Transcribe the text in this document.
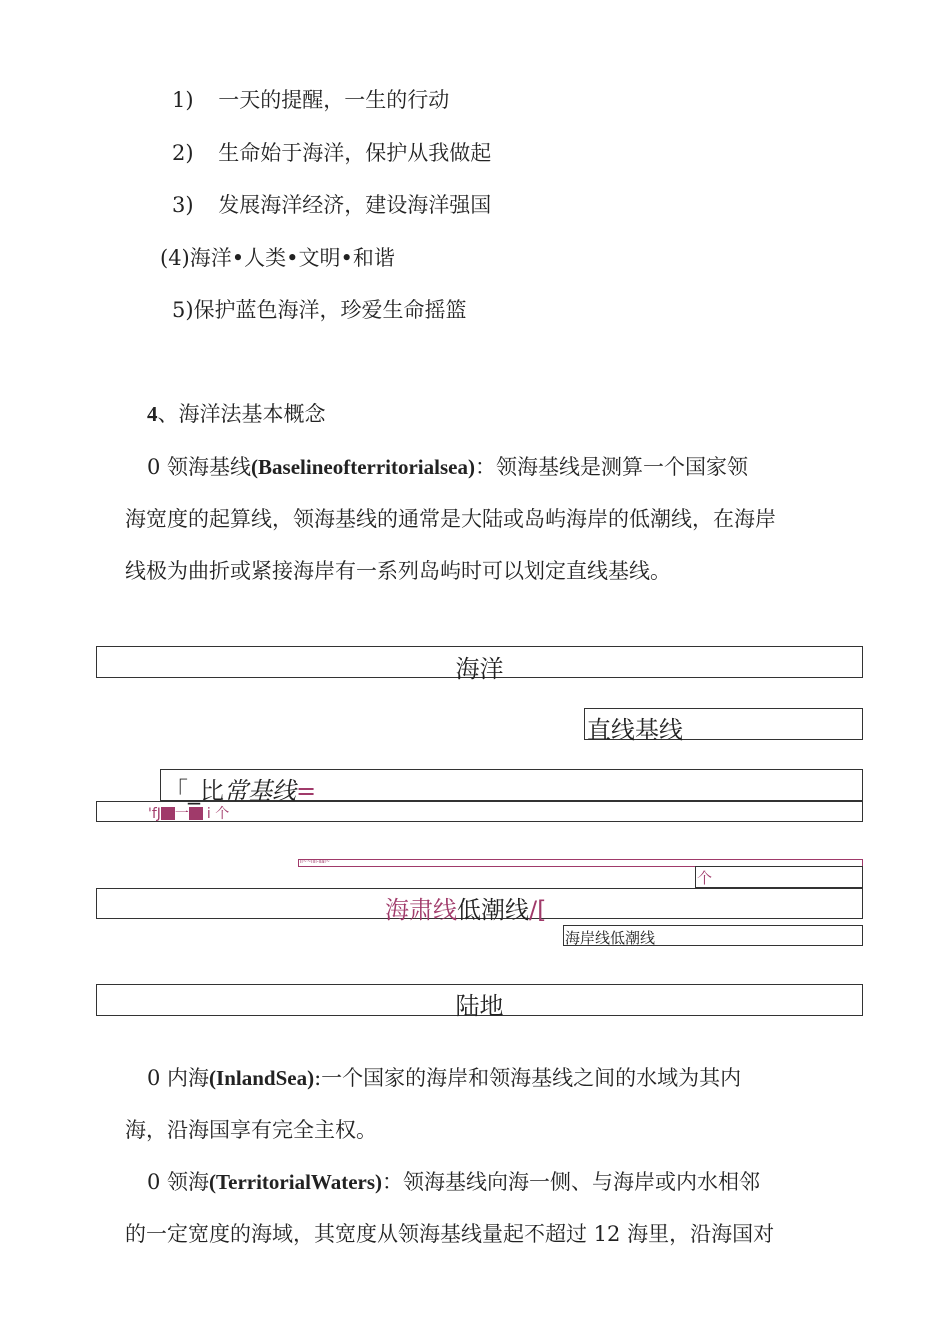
1) 一天的提醒，一生的行动
2) 生命始于海洋，保护从我做起
3) 发展海洋经济，建设海洋强国
(4)海洋•人类•文明•和谐
5)保护蓝色海洋，珍爱生命摇篮
4、海洋法基本概念
0 领海基线(Baselineofterritorialsea)：领海基线是测算一个国家领
海宽度的起算线，领海基线的通常是大陆或岛屿海岸的低潮线，在海岸
线极为曲折或紧接海岸有一系列岛屿时可以划定直线基线。
海洋
直线基线
「_比常基线=
'fJ 一 i 个
ll~~iiil-iiai~
个
海肃线低潮线/[
海岸线低潮线
陆地
0 内海(InlandSea):一个国家的海岸和领海基线之间的水域为其内
海，沿海国享有完全主权。
0 领海(TerritorialWaters)：领海基线向海一侧、与海岸或内水相邻
的一定宽度的海域，其宽度从领海基线量起不超过 12 海里，沿海国对
